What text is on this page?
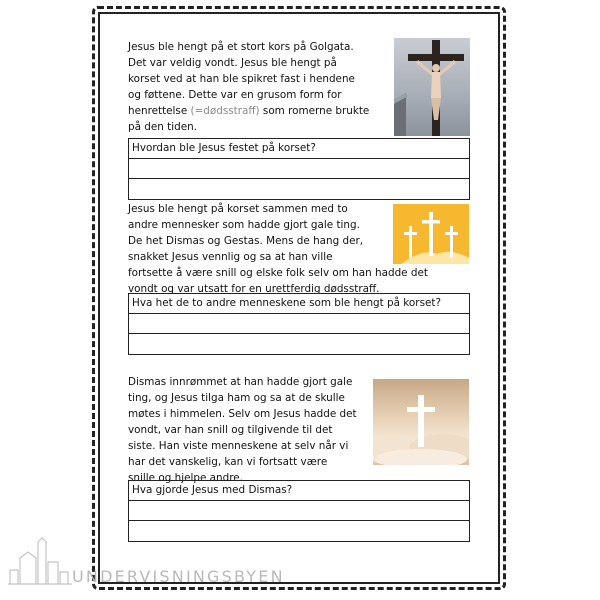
Jesus ble hengt på et stort kors på Golgata.
Det var veldig vondt. Jesus ble hengt på
korset ved at han ble spikret fast i hendene
og føttene. Dette var en grusom form for
henrettelse (=dødsstraff) som romerne brukte
på den tiden.

Hvordan ble Jesus festet på korset?

Jesus ble hengt på korset sammen med to
andre mennesker som hadde gjort gale ting.
De het Dismas og Gestas. Mens de hang der,
snakket Jesus vennlig og sa at han ville
fortsette å være snill og elske folk selv om han hadde det
vondt og var utsatt for en urettferdig dødsstraff.

Hva het de to andre menneskene som ble hengt på korset?

Dismas innrømmet at han hadde gjort gale
ting, og Jesus tilga ham og sa at de skulle
møtes i himmelen. Selv om Jesus hadde det
vondt, var han snill og tilgivende til det
siste. Han viste menneskene at selv når vi
har det vanskelig, kan vi fortsatt være
snille og hjelpe andre.

Hva gjorde Jesus med Dismas?
UNDERVISNINGSBYEN
